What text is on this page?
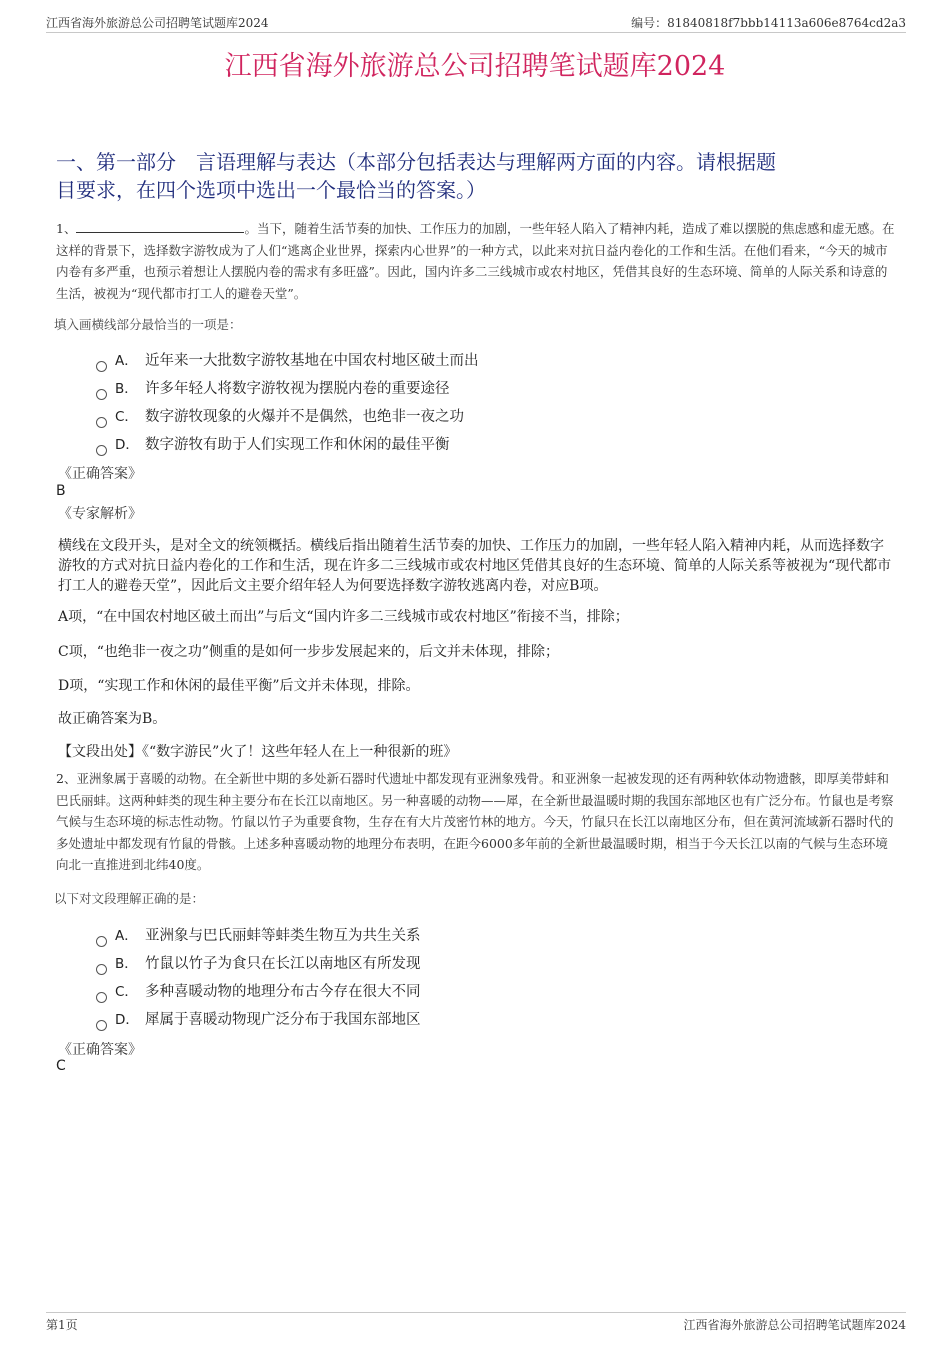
江西省海外旅游总公司招聘笔试题库2024	编号：81840818f7bbb14113a606e8764cd2a3
江西省海外旅游总公司招聘笔试题库2024
一、第一部分　言语理解与表达（本部分包括表达与理解两方面的内容。请根据题
目要求，在四个选项中选出一个最恰当的答案。）
1、	。当下，随着生活节奏的加快、工作压力的加剧，一些年轻人陷入了精神内耗，造成了难以摆脱的焦虑感和虚无感。在这样的背景下，选择数字游牧成为了人们“逃离企业世界，探索内心世界”的一种方式，以此来对抗日益内卷化的工作和生活。在他们看来，“今天的城市内卷有多严重，也预示着想让人摆脱内卷的需求有多旺盛”。因此，国内许多二三线城市或农村地区，凭借其良好的生态环境、简单的人际关系和诗意的生活，被视为“现代都市打工人的避卷天堂”。
填入画横线部分最恰当的一项是：
A． 近年来一大批数字游牧基地在中国农村地区破土而出
B． 许多年轻人将数字游牧视为摆脱内卷的重要途径
C． 数字游牧现象的火爆并不是偶然，也绝非一夜之功
D． 数字游牧有助于人们实现工作和休闲的最佳平衡
《正确答案》
B
《专家解析》
横线在文段开头，是对全文的统领概括。横线后指出随着生活节奏的加快、工作压力的加剧，一些年轻人陷入精神内耗，从而选择数字游牧的方式对抗日益内卷化的工作和生活，现在许多二三线城市或农村地区凭借其良好的生态环境、简单的人际关系等被视为“现代都市打工人的避卷天堂”，因此后文主要介绍年轻人为何要选择数字游牧逃离内卷，对应B项。
A项，“在中国农村地区破土而出”与后文“国内许多二三线城市或农村地区”衔接不当，排除；
C项，“也绝非一夜之功”侧重的是如何一步步发展起来的，后文并未体现，排除；
D项，“实现工作和休闲的最佳平衡”后文并未体现，排除。
故正确答案为B。
【文段出处】《“数字游民”火了！这些年轻人在上一种很新的班》
2、亚洲象属于喜暖的动物。在全新世中期的多处新石器时代遗址中都发现有亚洲象残骨。和亚洲象一起被发现的还有两种软体动物遗骸，即厚美带蚌和巴氏丽蚌。这两种蚌类的现生种主要分布在长江以南地区。另一种喜暖的动物——犀，在全新世最温暖时期的我国东部地区也有广泛分布。竹鼠也是考察气候与生态环境的标志性动物。竹鼠以竹子为重要食物，生存在有大片茂密竹林的地方。今天，竹鼠只在长江以南地区分布，但在黄河流域新石器时代的多处遗址中都发现有竹鼠的骨骸。上述多种喜暖动物的地理分布表明，在距今6000多年前的全新世最温暖时期，相当于今天长江以南的气候与生态环境向北一直推进到北纬40度。
以下对文段理解正确的是：
A． 亚洲象与巴氏丽蚌等蚌类生物互为共生关系
B． 竹鼠以竹子为食只在长江以南地区有所发现
C． 多种喜暖动物的地理分布古今存在很大不同
D． 犀属于喜暖动物现广泛分布于我国东部地区
《正确答案》
C
第1页	江西省海外旅游总公司招聘笔试题库2024
